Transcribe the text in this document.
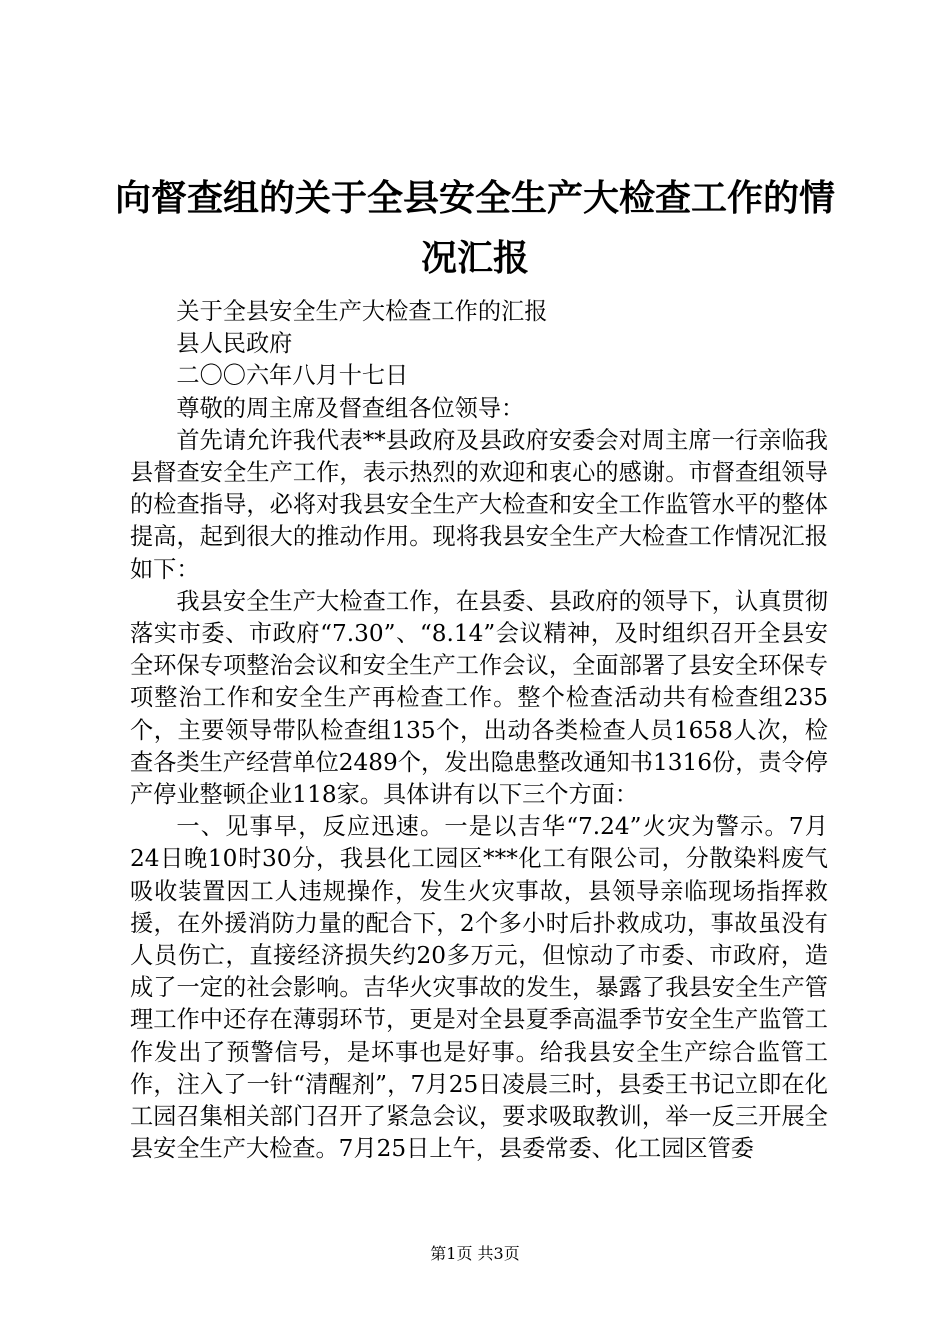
向督查组的关于全县安全生产大检查工作的情况汇报

关于全县安全生产大检查工作的汇报

县人民政府

二〇〇六年八月十七日

尊敬的周主席及督查组各位领导：

首先请允许我代表**县政府及县政府安委会对周主席一行亲临我县督查安全生产工作，表示热烈的欢迎和衷心的感谢。市督查组领导的检查指导，必将对我县安全生产大检查和安全工作监管水平的整体提高，起到很大的推动作用。现将我县安全生产大检查工作情况汇报如下：

我县安全生产大检查工作，在县委、县政府的领导下，认真贯彻落实市委、市政府“7.30”、“8.14”会议精神，及时组织召开全县安全环保专项整治会议和安全生产工作会议，全面部署了县安全环保专项整治工作和安全生产再检查工作。整个检查活动共有检查组235个，主要领导带队检查组135个，出动各类检查人员1658人次，检查各类生产经营单位2489个，发出隐患整改通知书1316份，责令停产停业整顿企业118家。具体讲有以下三个方面：

一、见事早，反应迅速。一是以吉华“7.24”火灾为警示。7月24日晚10时30分，我县化工园区***化工有限公司，分散染料废气吸收装置因工人违规操作，发生火灾事故，县领导亲临现场指挥救援，在外援消防力量的配合下，2个多小时后扑救成功，事故虽没有人员伤亡，直接经济损失约20多万元，但惊动了市委、市政府，造成了一定的社会影响。吉华火灾事故的发生，暴露了我县安全生产管理工作中还存在薄弱环节，更是对全县夏季高温季节安全生产监管工作发出了预警信号，是坏事也是好事。给我县安全生产综合监管工作，注入了一针“清醒剂”，7月25日凌晨三时，县委王书记立即在化工园召集相关部门召开了紧急会议，要求吸取教训，举一反三开展全县安全生产大检查。7月25日上午，县委常委、化工园区管委

第1页 共3页
